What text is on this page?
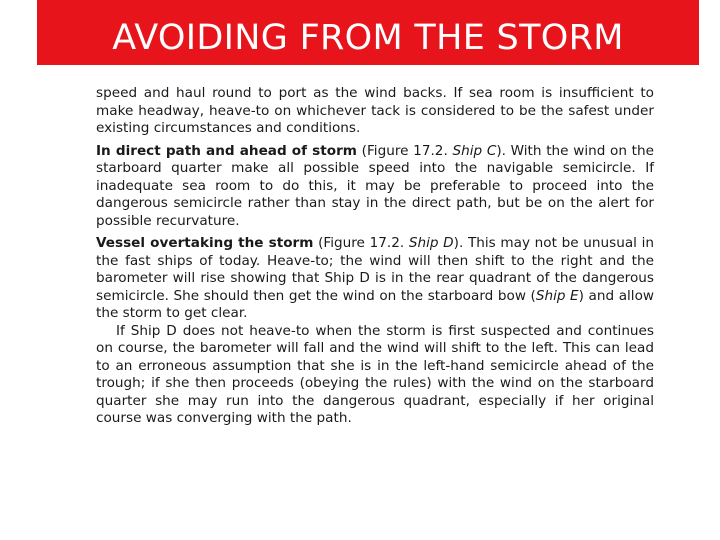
AVOIDING FROM THE STORM

speed and haul round to port as the wind backs. If sea room is insufficient to make headway, heave-to on whichever tack is considered to be the safest under existing circumstances and conditions.

In direct path and ahead of storm (Figure 17.2. Ship C). With the wind on the starboard quarter make all possible speed into the navigable semicircle. If inadequate sea room to do this, it may be preferable to proceed into the dangerous semicircle rather than stay in the direct path, but be on the alert for possible recurvature.

Vessel overtaking the storm (Figure 17.2. Ship D). This may not be unusual in the fast ships of today. Heave-to; the wind will then shift to the right and the barometer will rise showing that Ship D is in the rear quadrant of the dangerous semicircle. She should then get the wind on the starboard bow (Ship E) and allow the storm to get clear.

If Ship D does not heave-to when the storm is first suspected and continues on course, the barometer will fall and the wind will shift to the left. This can lead to an erroneous assumption that she is in the left-hand semicircle ahead of the trough; if she then proceeds (obeying the rules) with the wind on the starboard quarter she may run into the dangerous quadrant, especially if her original course was converging with the path.
